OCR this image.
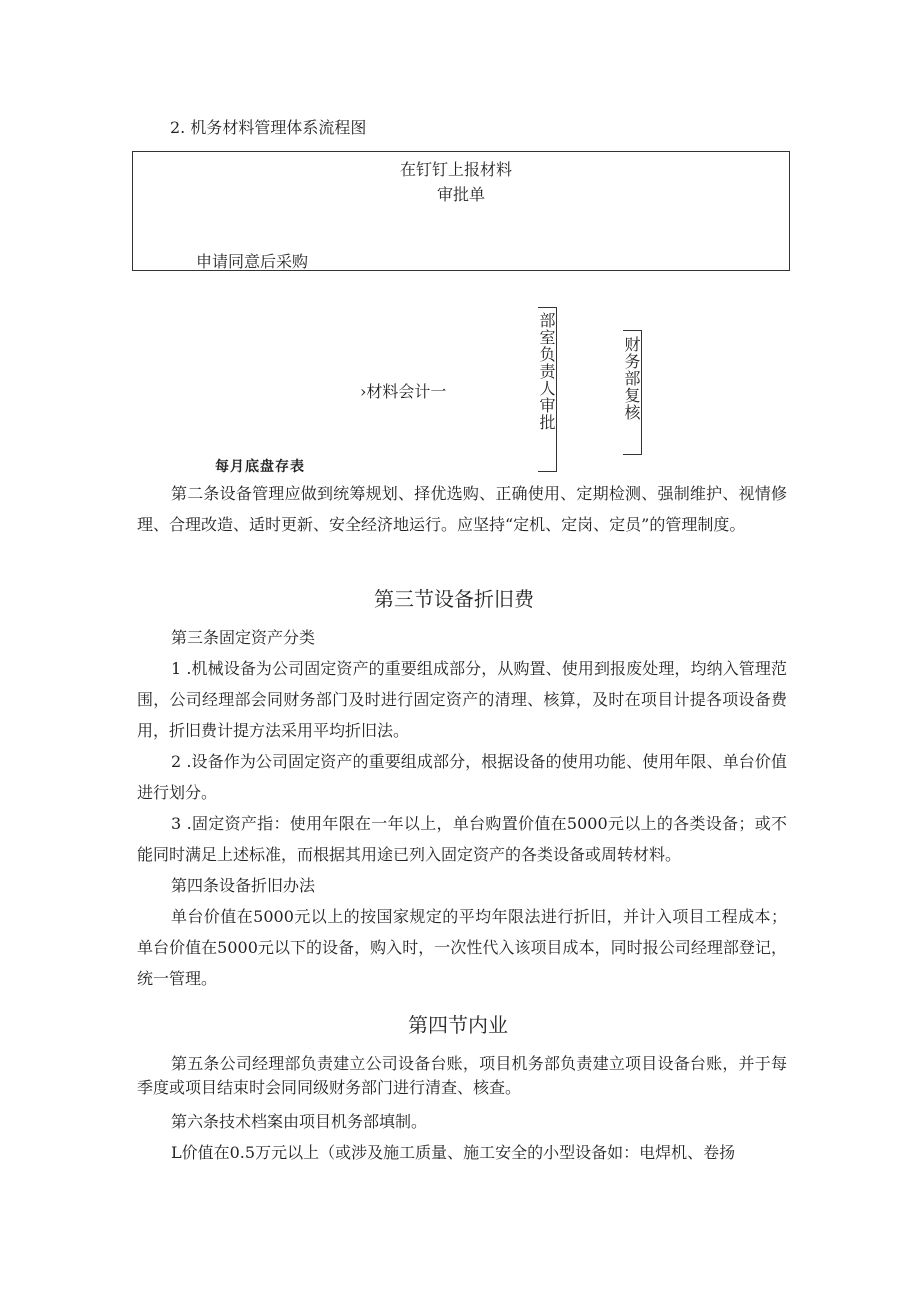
2. 机务材料管理体系流程图
在钉钉上报材料
审批单
申请同意后采购
›材料会计一	部室负责人审批	财务部复核
每月底盘存表

第二条设备管理应做到统筹规划、择优选购、正确使用、定期检测、强制维护、视情修理、合理改造、适时更新、安全经济地运行。应坚持“定机、定岗、定员”的管理制度。

第三节设备折旧费

第三条固定资产分类

1 .机械设备为公司固定资产的重要组成部分，从购置、使用到报废处理，均纳入管理范围，公司经理部会同财务部门及时进行固定资产的清理、核算，及时在项目计提各项设备费用，折旧费计提方法采用平均折旧法。

2 .设备作为公司固定资产的重要组成部分，根据设备的使用功能、使用年限、单台价值进行划分。

3 .固定资产指：使用年限在一年以上，单台购置价值在5000元以上的各类设备；或不能同时满足上述标准，而根据其用途已列入固定资产的各类设备或周转材料。

第四条设备折旧办法

单台价值在5000元以上的按国家规定的平均年限法进行折旧，并计入项目工程成本；单台价值在5000元以下的设备，购入时，一次性代入该项目成本，同时报公司经理部登记，统一管理。

第四节内业

第五条公司经理部负责建立公司设备台账，项目机务部负责建立项目设备台账，并于每季度或项目结束时会同同级财务部门进行清查、核查。

第六条技术档案由项目机务部填制。

L价值在0.5万元以上（或涉及施工质量、施工安全的小型设备如：电焊机、卷扬
